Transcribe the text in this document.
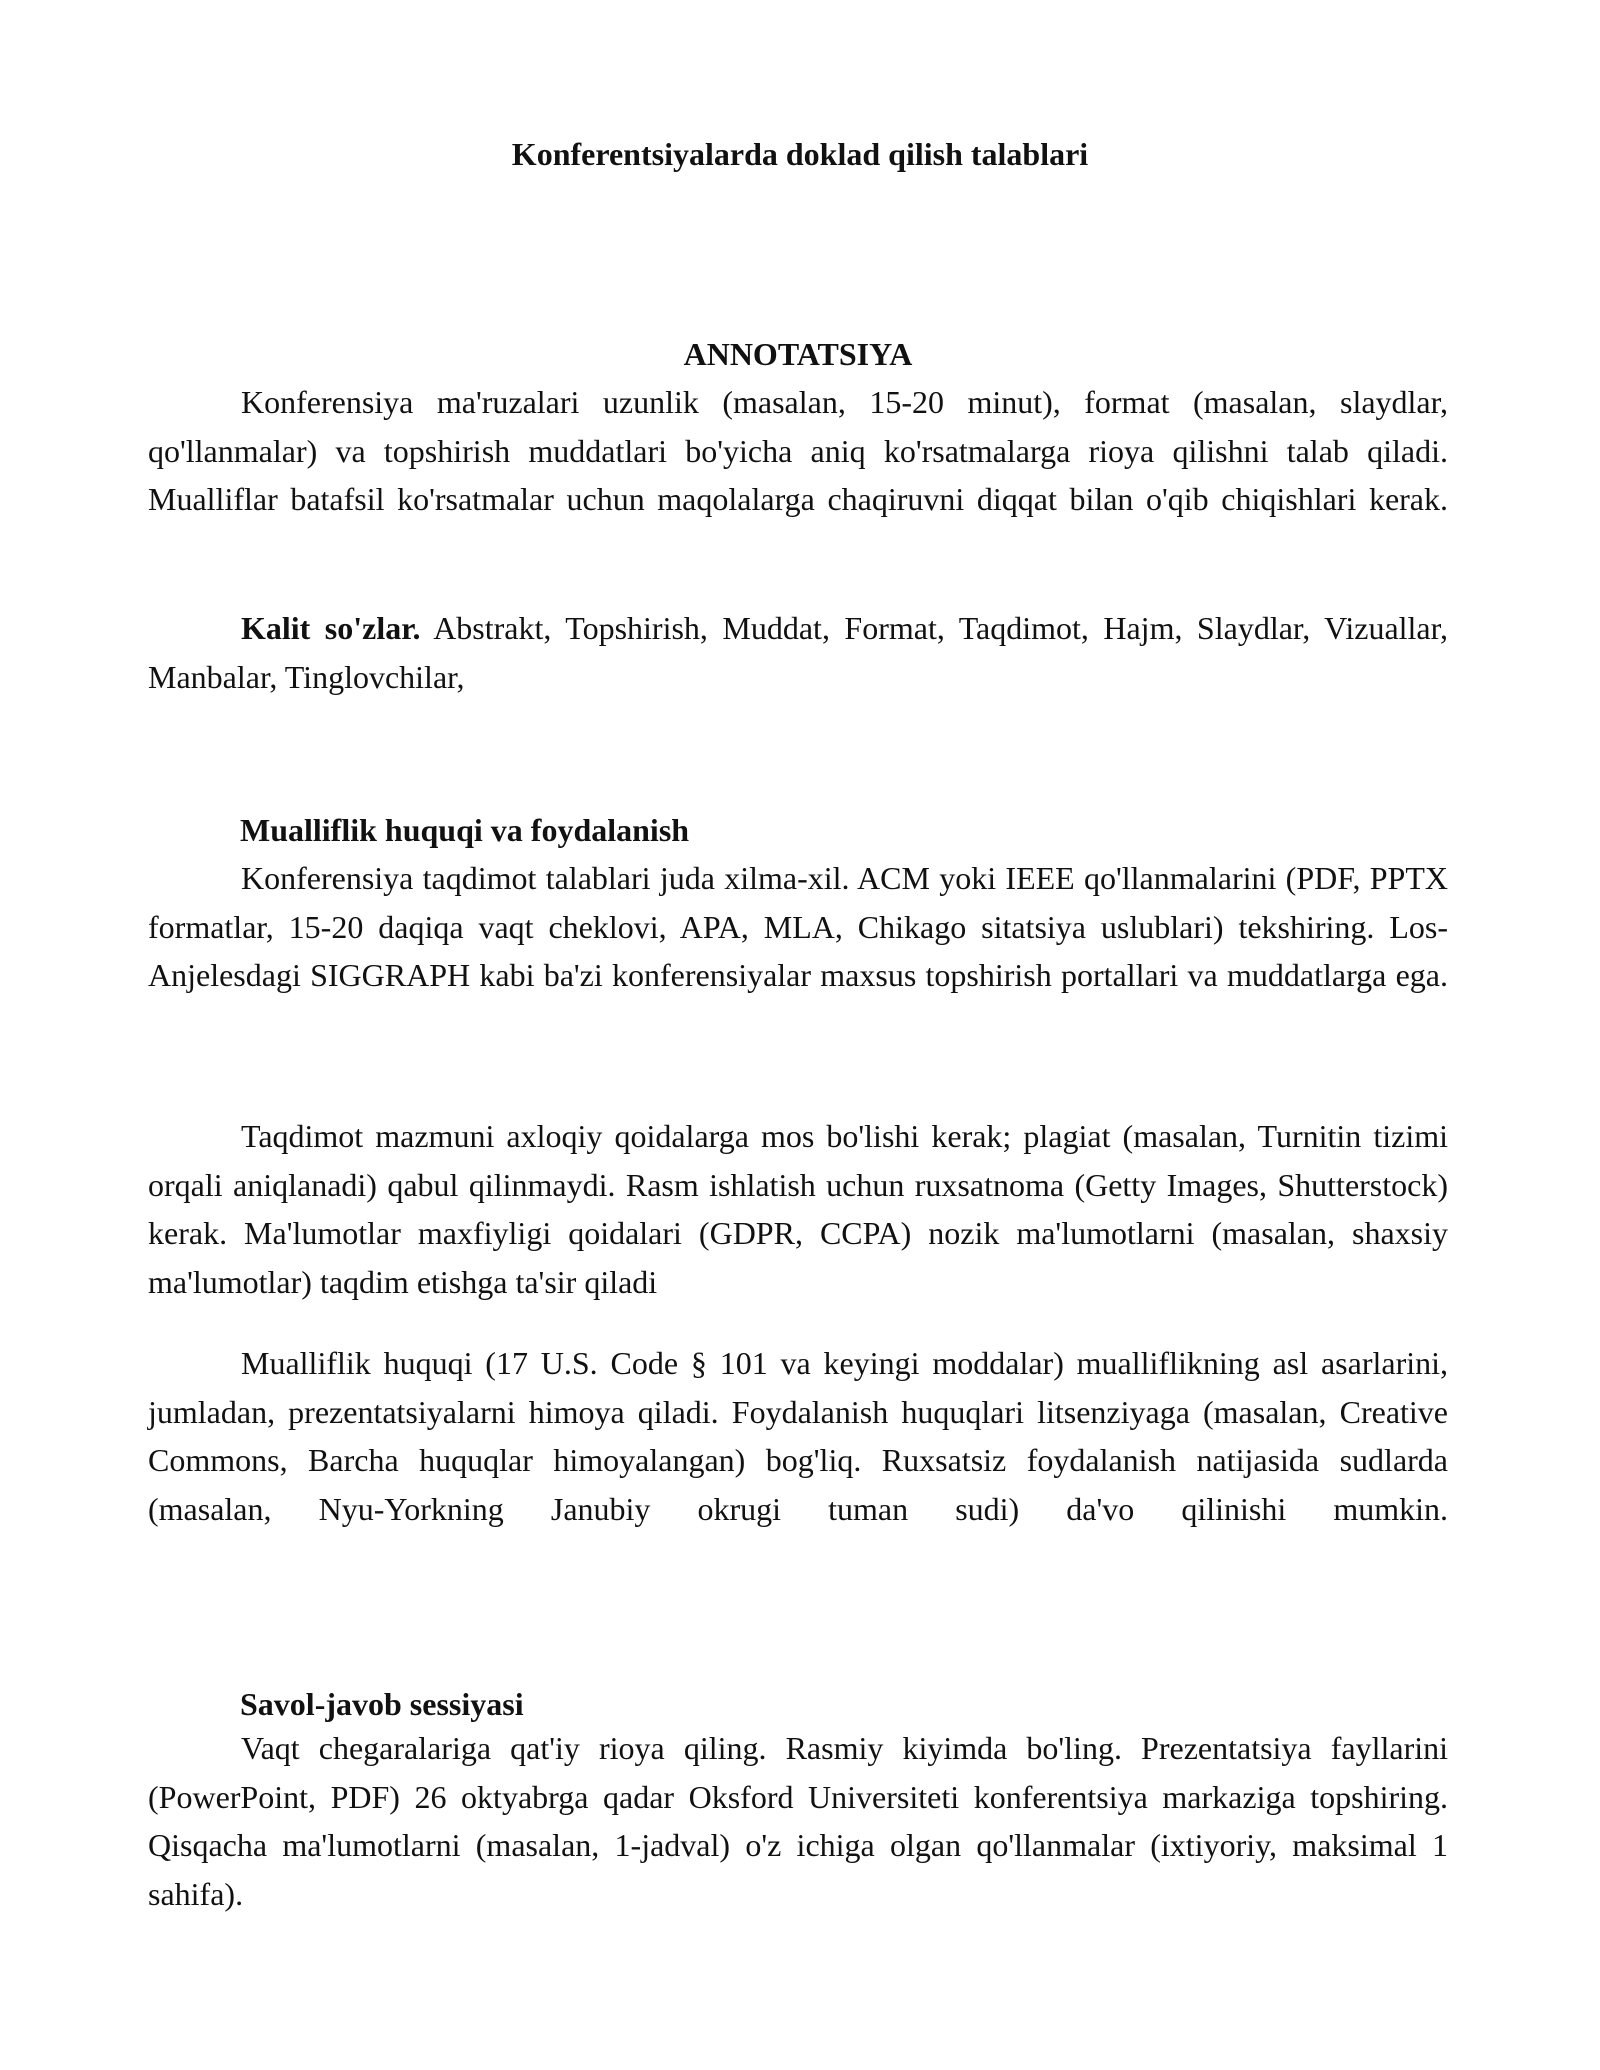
Konferentsiyalarda doklad qilish talablari
ANNOTATSIYA

Konferensiya ma'ruzalari uzunlik (masalan, 15-20 minut), format (masalan, slaydlar, qo'llanmalar) va topshirish muddatlari bo'yicha aniq ko'rsatmalarga rioya qilishni talab qiladi. Mualliflar batafsil ko'rsatmalar uchun maqolalarga chaqiruvni diqqat bilan o'qib chiqishlari kerak.

Kalit so'zlar. Abstrakt, Topshirish, Muddat, Format, Taqdimot, Hajm, Slaydlar, Vizuallar, Manbalar, Tinglovchilar,

Mualliflik huquqi va foydalanish

Konferensiya taqdimot talablari juda xilma-xil. ACM yoki IEEE qo'llanmalarini (PDF, PPTX formatlar, 15-20 daqiqa vaqt cheklovi, APA, MLA, Chikago sitatsiya uslublari) tekshiring. Los-Anjelesdagi SIGGRAPH kabi ba'zi konferensiyalar maxsus topshirish portallari va muddatlarga ega.

Taqdimot mazmuni axloqiy qoidalarga mos bo'lishi kerak; plagiat (masalan, Turnitin tizimi orqali aniqlanadi) qabul qilinmaydi. Rasm ishlatish uchun ruxsatnoma (Getty Images, Shutterstock) kerak. Ma'lumotlar maxfiyligi qoidalari (GDPR, CCPA) nozik ma'lumotlarni (masalan, shaxsiy ma'lumotlar) taqdim etishga ta'sir qiladi

Mualliflik huquqi (17 U.S. Code § 101 va keyingi moddalar) mualliflikning asl asarlarini, jumladan, prezentatsiyalarni himoya qiladi. Foydalanish huquqlari litsenziyaga (masalan, Creative Commons, Barcha huquqlar himoyalangan) bog'liq. Ruxsatsiz foydalanish natijasida sudlarda (masalan, Nyu-Yorkning Janubiy okrugi tuman sudi) da'vo qilinishi mumkin.

Savol-javob sessiyasi

Vaqt chegaralariga qat'iy rioya qiling. Rasmiy kiyimda bo'ling. Prezentatsiya fayllarini (PowerPoint, PDF) 26 oktyabrga qadar Oksford Universiteti konferentsiya markaziga topshiring. Qisqacha ma'lumotlarni (masalan, 1-jadval) o'z ichiga olgan qo'llanmalar (ixtiyoriy, maksimal 1 sahifa).
